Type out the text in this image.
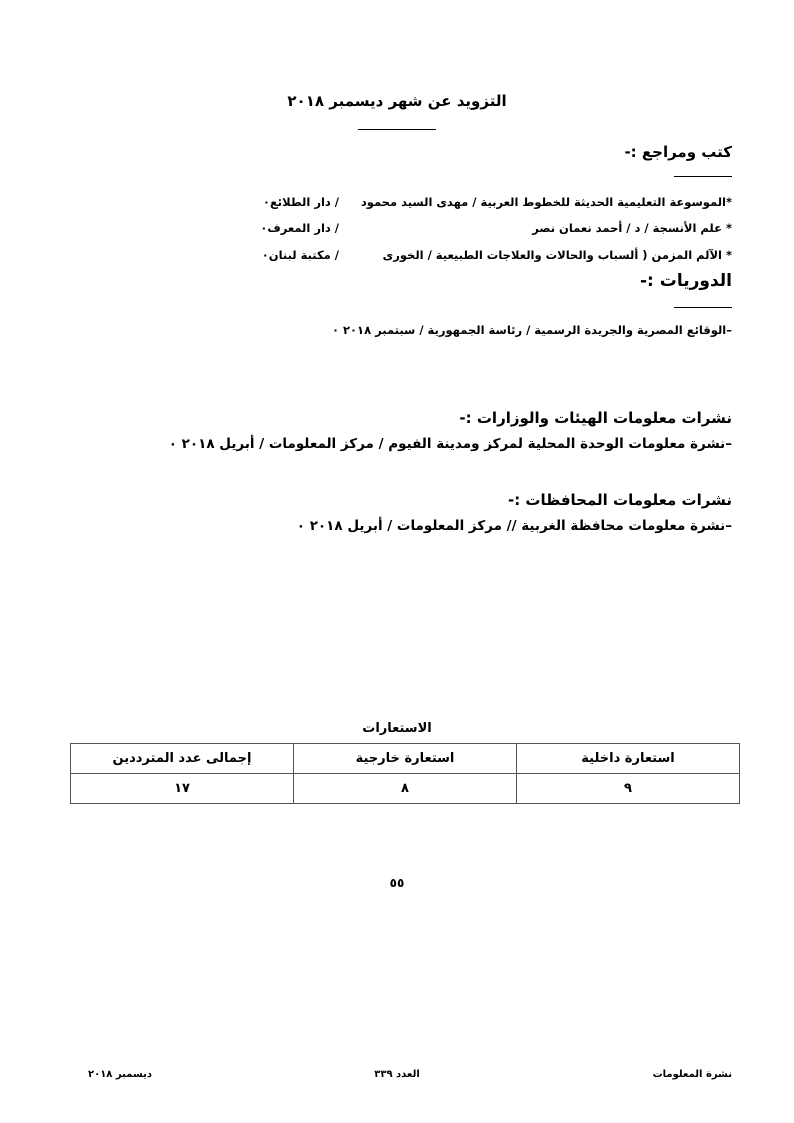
التزويد عن شهر ديسمبر ٢٠١٨
كتب ومراجع :-
*الموسوعة التعليمية الحديثة للخطوط العربية / مهدى السيد محمود
/ دار الطلائع٠
* علم الأنسجة / د / أحمد نعمان نصر
/ دار المعرف٠
* الآلم المزمن ( ألسباب والحالات والعلاجات الطبيعية / الخورى
/ مكتبة لبنان٠
الدوريات :-
–الوقائع المصرية والجريدة الرسمية / رئاسة الجمهورية / سبتمبر ٢٠١٨ ٠
نشرات معلومات الهيئات والوزارات :-
–نشرة معلومات الوحدة المحلية لمركز ومدينة الفيوم / مركز المعلومات / أبريل ٢٠١٨ ٠
نشرات معلومات المحافظات :-
–نشرة معلومات محافظة الغربية // مركز المعلومات / أبريل ٢٠١٨ ٠
الاستعارات
استعارة داخلية	استعارة خارجية	إجمالى عدد المترددين
٩	٨	١٧
٥٥
ديسمبر ٢٠١٨	العدد ٣٣٩	نشرة المعلومات
